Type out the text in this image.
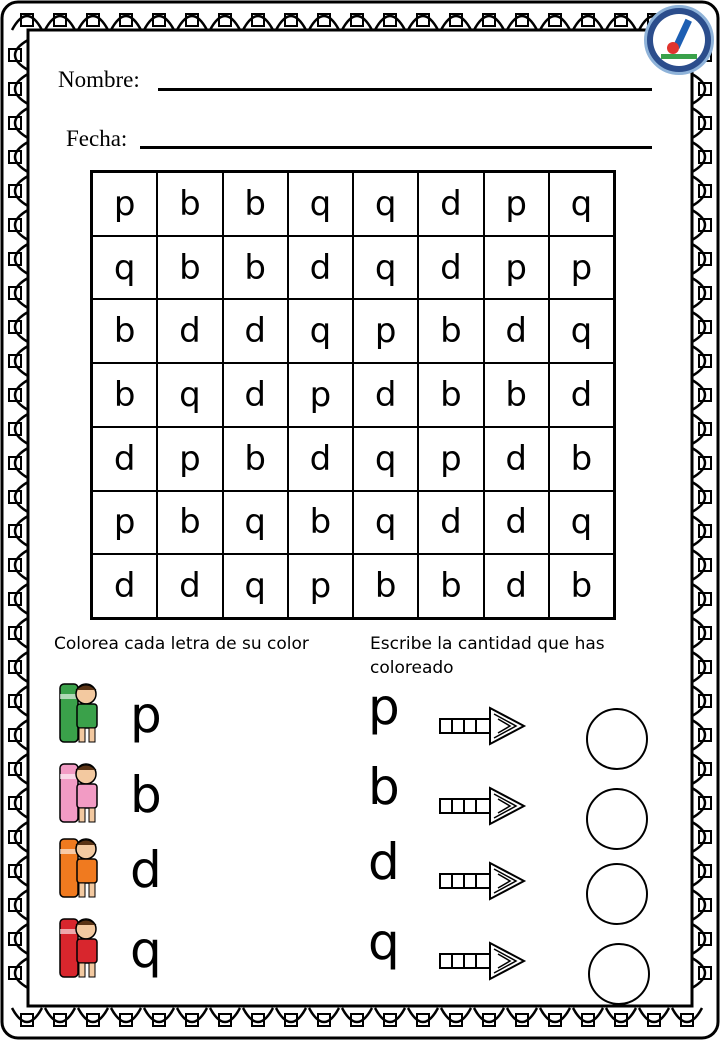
Nombre:
Fecha:
p	b	b	q	q	d	p	q
q	b	b	d	q	d	p	p
b	d	d	q	p	b	d	q
b	q	d	p	d	b	b	d
d	p	b	d	q	p	d	b
p	b	q	b	q	d	d	q
d	d	q	p	b	b	d	b
Colorea cada letra de su color	Escribe la cantidad que has
coloreado
p	p
b	b
d	d
q	q
